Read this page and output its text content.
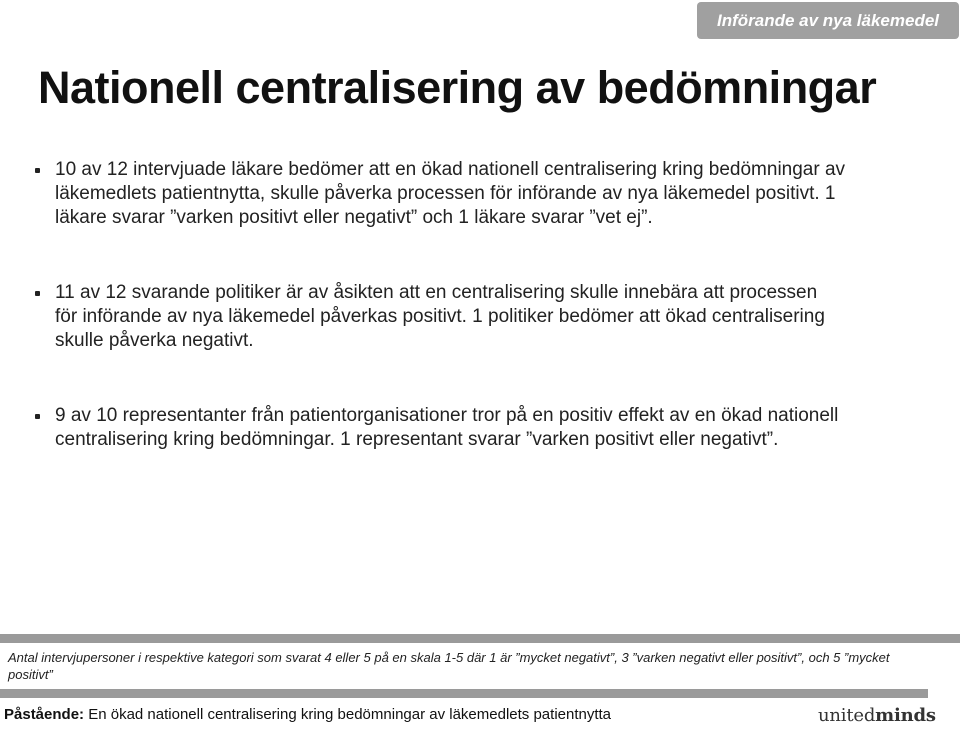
Införande av nya läkemedel
Nationell centralisering av bedömningar
10 av 12 intervjuade läkare bedömer att en ökad nationell centralisering kring bedömningar av läkemedlets patientnytta, skulle påverka processen för införande av nya läkemedel positivt. 1 läkare svarar ”varken positivt eller negativt” och 1 läkare svarar ”vet ej”.
11 av 12 svarande politiker är av åsikten att en centralisering skulle innebära att processen för införande av nya läkemedel påverkas positivt. 1 politiker bedömer att ökad centralisering skulle påverka negativt.
9 av 10 representanter från patientorganisationer tror på en positiv effekt av en ökad nationell centralisering kring bedömningar. 1 representant svarar ”varken positivt eller negativt”.
Antal intervjupersoner i respektive kategori som svarat 4 eller 5 på en skala 1-5 där 1 är ”mycket negativt”, 3 ”varken negativt eller positivt”, och 5 ”mycket positivt”
Påstående: En ökad nationell centralisering kring bedömningar av läkemedlets patientnytta	unitedminds
